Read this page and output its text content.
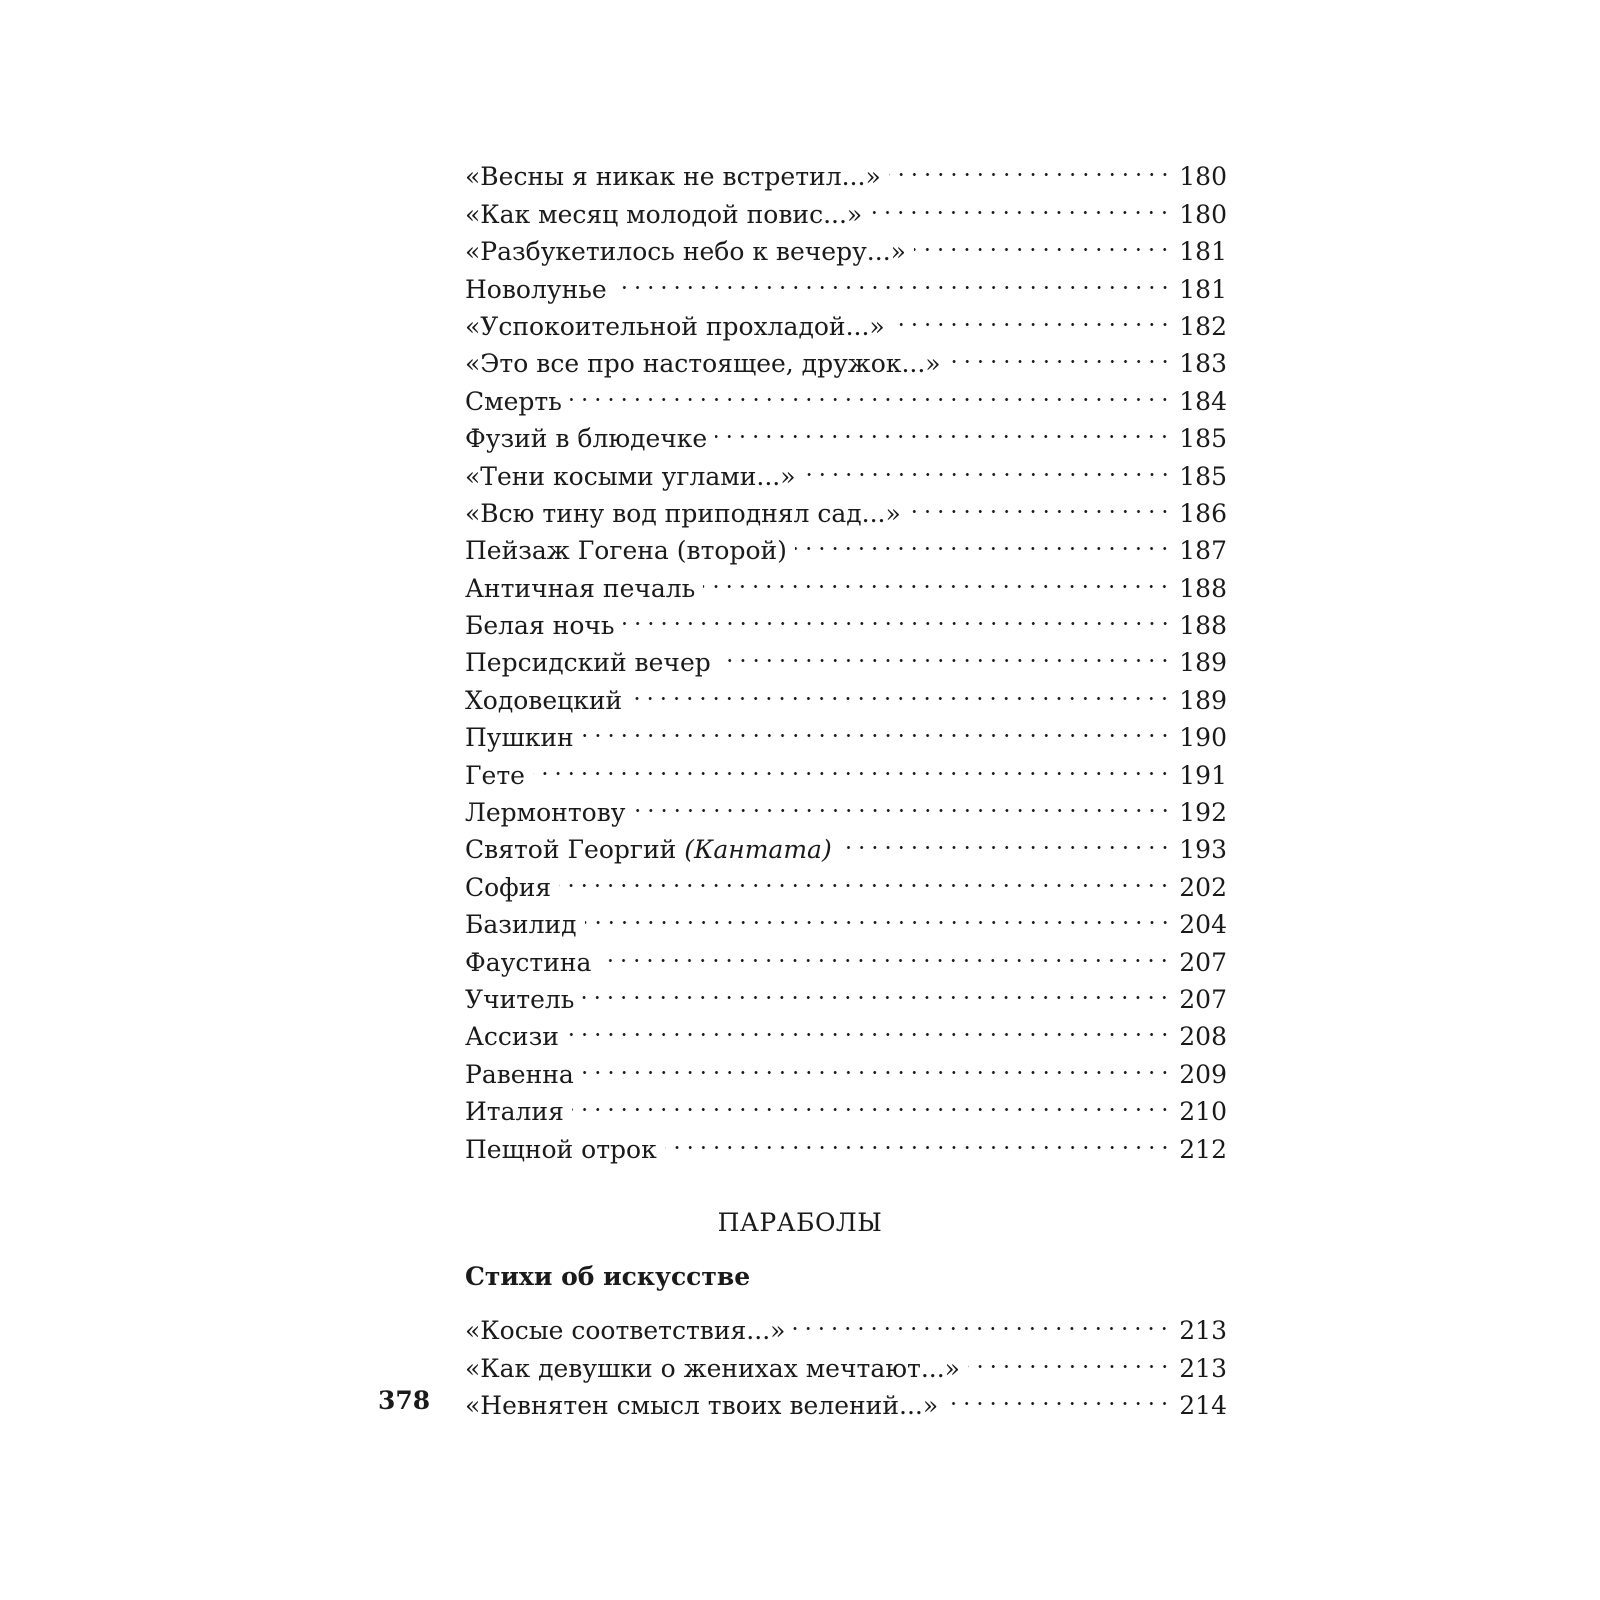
«Весны я никак не встретил...»	180
«Как месяц молодой повис...»	180
«Разбукетилось небо к вечеру...»	181
Новолунье	181
«Успокоительной прохладой...»	182
«Это все про настоящее, дружок...»	183
Смерть	184
Фузий в блюдечке	185
«Тени косыми углами...»	185
«Всю тину вод приподнял сад...»	186
Пейзаж Гогена (второй)	187
Античная печаль	188
Белая ночь	188
Персидский вечер	189
Ходовецкий	189
Пушкин	190
Гете	191
Лермонтову	192
Святой Георгий (Кантата)	193
София	202
Базилид	204
Фаустина	207
Учитель	207
Ассизи	208
Равенна	209
Италия	210
Пещной отрок	212
ПАРАБОЛЫ
Стихи об искусстве
«Косые соответствия...»	213
«Как девушки о женихах мечтают...»	213
«Невнятен смысл твоих велений...»	214
378
